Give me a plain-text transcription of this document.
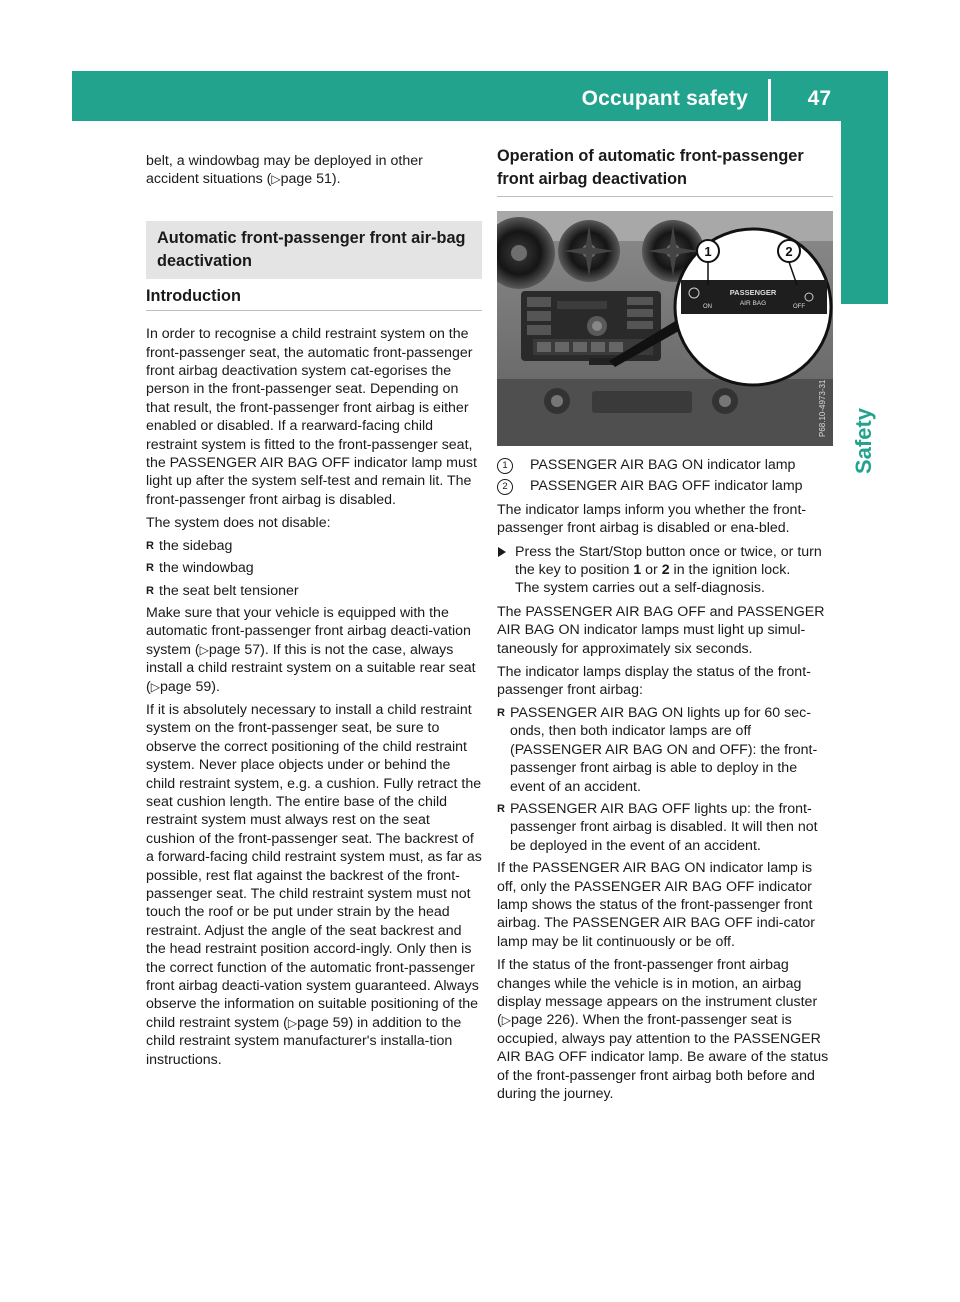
Occupant safety	47
Safety

belt, a windowbag may be deployed in other
accident situations (▷page 51).

Automatic front-passenger front air-bag deactivation
Introduction

In order to recognise a child restraint system on the front-passenger seat, the automatic front-passenger front airbag deactivation system cat-egorises the person in the front-passenger seat. Depending on that result, the front-passenger front airbag is either enabled or disabled. If a rearward-facing child restraint system is fitted to the front-passenger seat, the PASSENGER AIR BAG OFF indicator lamp must light up after the system self-test and remain lit. The front-passenger front airbag is disabled.

The system does not disable:

R the sidebag
R the windowbag
R the seat belt tensioner

Make sure that your vehicle is equipped with the automatic front-passenger front airbag deacti-vation system (▷page 57). If this is not the case, always install a child restraint system on a suitable rear seat (▷page 59).

If it is absolutely necessary to install a child restraint system on the front-passenger seat, be sure to observe the correct positioning of the child restraint system. Never place objects under or behind the child restraint system, e.g. a cushion. Fully retract the seat cushion length. The entire base of the child restraint system must always rest on the seat cushion of the front-passenger seat. The backrest of a forward-facing child restraint system must, as far as possible, rest flat against the backrest of the front-passenger seat. The child restraint system must not touch the roof or be put under strain by the head restraint. Adjust the angle of the seat backrest and the head restraint position accord-ingly. Only then is the correct function of the automatic front-passenger front airbag deacti-vation system guaranteed. Always observe the information on suitable positioning of the child restraint system (▷page 59) in addition to the child restraint system manufacturer's installa-tion instructions.

Operation of automatic front-passenger front airbag deactivation
1	2
ON
PASSENGER
AIR BAG	OFF
P68.10-4973-31
1	PASSENGER AIR BAG ON indicator lamp
2	PASSENGER AIR BAG OFF indicator lamp

The indicator lamps inform you whether the front-passenger front airbag is disabled or ena-bled.

Press the Start/Stop button once or twice, or turn the key to position 1 or 2 in the ignition lock.
The system carries out a self-diagnosis.

The PASSENGER AIR BAG OFF and PASSENGER AIR BAG ON indicator lamps must light up simul-taneously for approximately six seconds.

The indicator lamps display the status of the front-passenger front airbag:

R PASSENGER AIR BAG ON lights up for 60 sec-onds, then both indicator lamps are off (PASSENGER AIR BAG ON and OFF): the front-passenger front airbag is able to deploy in the event of an accident.
R PASSENGER AIR BAG OFF lights up: the front-passenger front airbag is disabled. It will then not be deployed in the event of an accident.

If the PASSENGER AIR BAG ON indicator lamp is off, only the PASSENGER AIR BAG OFF indicator lamp shows the status of the front-passenger front airbag. The PASSENGER AIR BAG OFF indi-cator lamp may be lit continuously or be off.

If the status of the front-passenger front airbag changes while the vehicle is in motion, an airbag display message appears on the instrument cluster (▷page 226). When the front-passenger seat is occupied, always pay attention to the PASSENGER AIR BAG OFF indicator lamp. Be aware of the status of the front-passenger front airbag both before and during the journey.
